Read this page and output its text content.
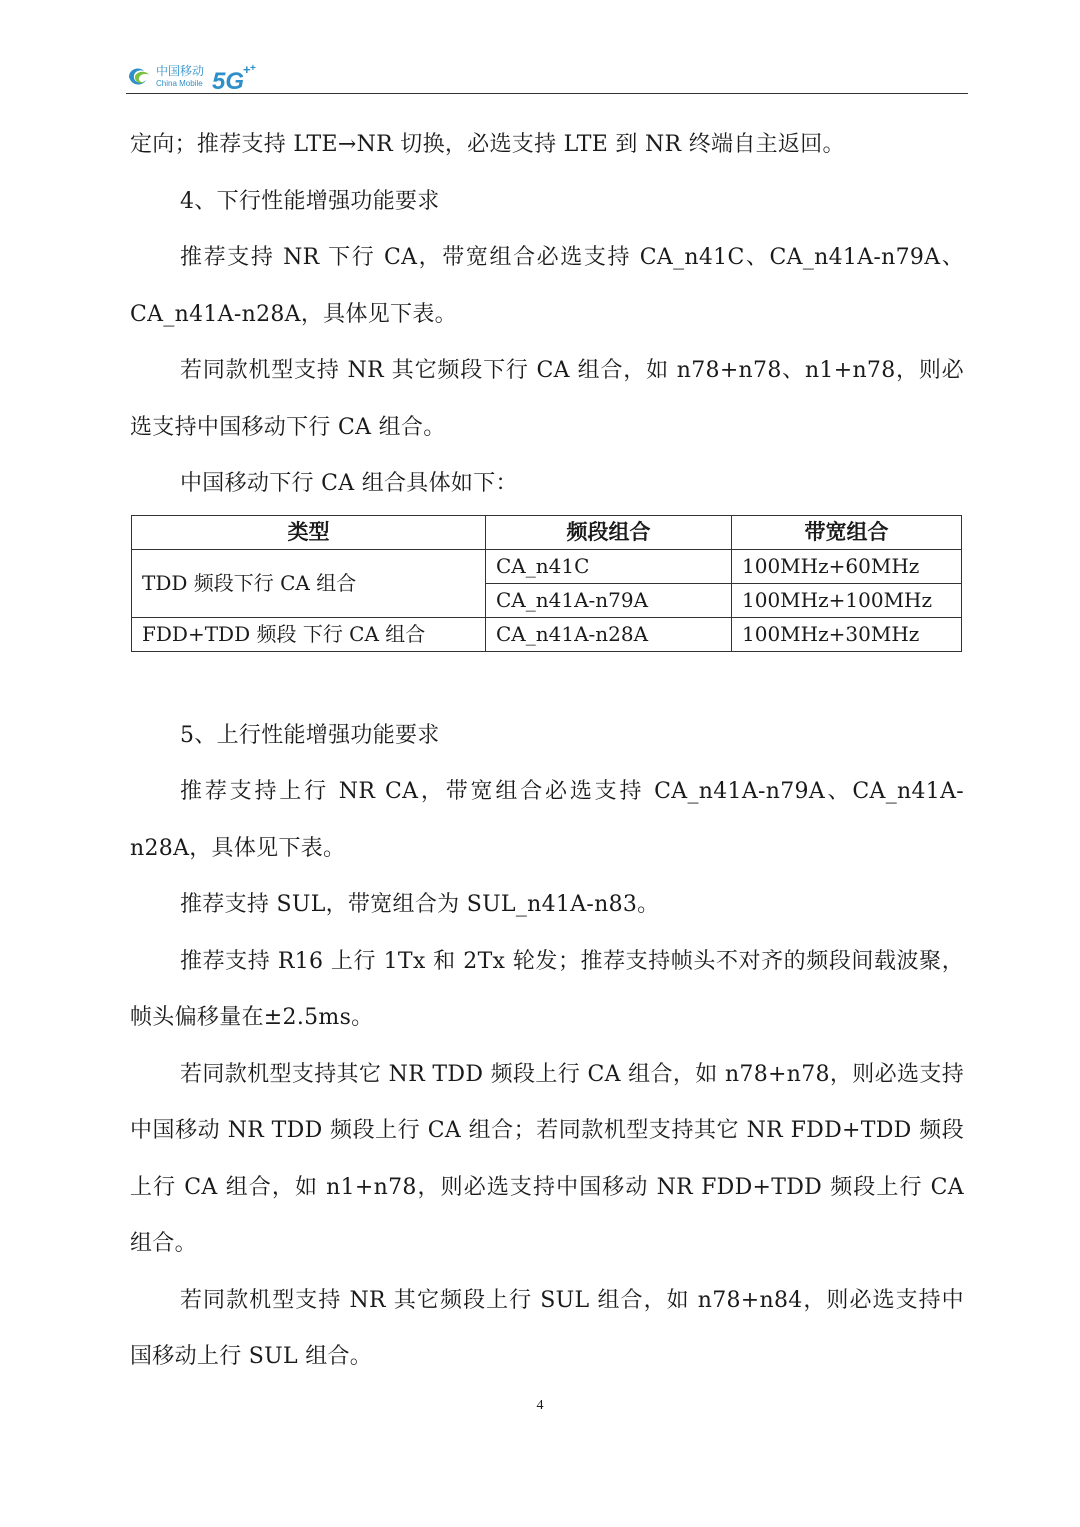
中国移动
China Mobile 5G
+ +

定向；推荐支持 LTE→NR 切换，必选支持 LTE 到 NR 终端自主返回。

4、下行性能增强功能要求

推荐支持 NR 下行 CA，带宽组合必选支持 CA_n41C、CA_n41A-n79A、CA_n41A-n28A，具体见下表。

若同款机型支持 NR 其它频段下行 CA 组合，如 n78+n78、n1+n78，则必选支持中国移动下行 CA 组合。

中国移动下行 CA 组合具体如下：

类型	频段组合	带宽组合
TDD 频段下行 CA 组合	CA_n41C	100MHz+60MHz
	CA_n41A-n79A	100MHz+100MHz
FDD+TDD 频段 下行 CA 组合	CA_n41A-n28A	100MHz+30MHz

5、上行性能增强功能要求

推荐支持上行 NR CA，带宽组合必选支持 CA_n41A-n79A、CA_n41A-n28A，具体见下表。

推荐支持 SUL，带宽组合为 SUL_n41A-n83。

推荐支持 R16 上行 1Tx 和 2Tx 轮发；推荐支持帧头不对齐的频段间载波聚，帧头偏移量在±2.5ms。

若同款机型支持其它 NR TDD 频段上行 CA 组合，如 n78+n78，则必选支持中国移动 NR TDD 频段上行 CA 组合；若同款机型支持其它 NR FDD+TDD 频段上行 CA 组合，如 n1+n78，则必选支持中国移动 NR FDD+TDD 频段上行 CA 组合。

若同款机型支持 NR 其它频段上行 SUL 组合，如 n78+n84，则必选支持中国移动上行 SUL 组合。

4
